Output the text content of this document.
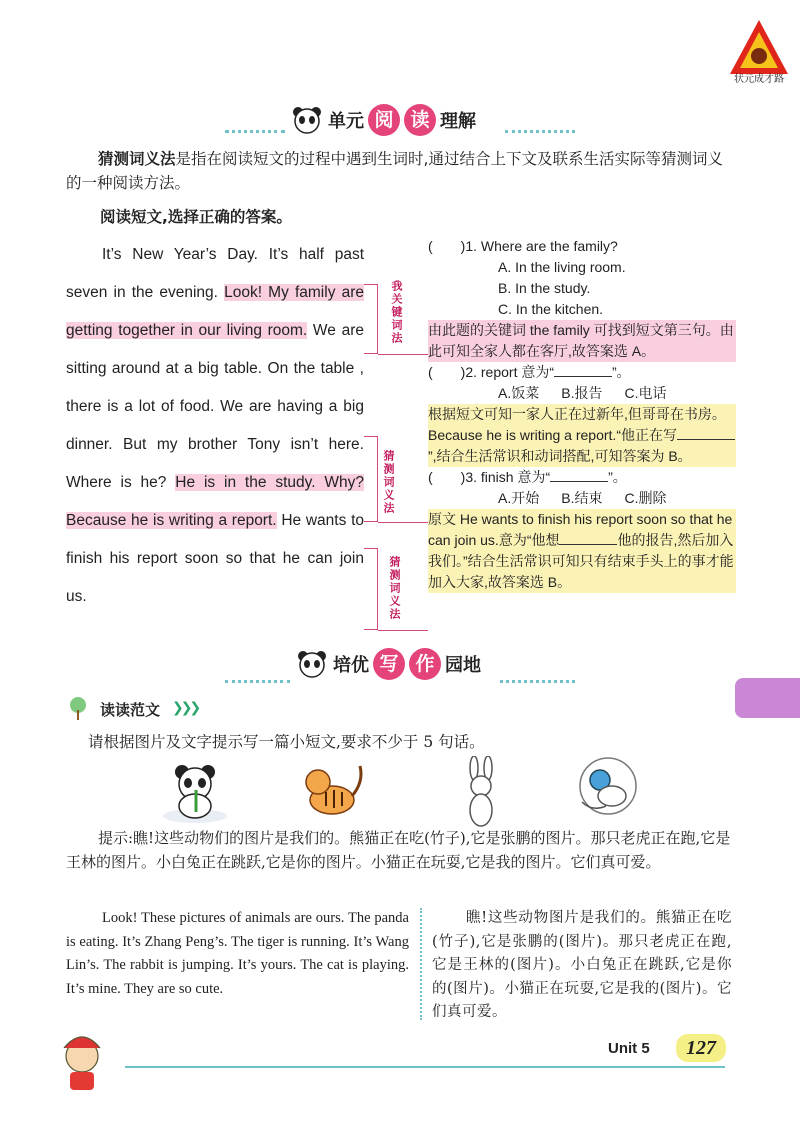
状元成才路
单元 阅 读 理解
猜测词义法是指在阅读短文的过程中遇到生词时,通过结合上下文及联系生活实际等猜测词义的一种阅读方法。
阅读短文,选择正确的答案。
It’s New Year’s Day. It’s half past seven in the evening. Look! My family are getting together in our living room. We are sitting around at a big table. On the table , there is a lot of food. We are having a big dinner. But my brother Tony isn’t here. Where is he? He is in the study. Why? Because he is writing a report. He wants to finish his report soon so that he can join us.
我关键词法
猜测词义法
猜测词义法
(　　)1. Where are the family?
A. In the living room.
B. In the study.
C. In the kitchen.
由此题的关键词 the family 可找到短文第三句。由此可知全家人都在客厅,故答案选 A。
(　　)2. report 意为“	”。
A.饭菜 B.报告 C.电话
根据短文可知一家人正在过新年,但哥哥在书房。Because he is writing a report.“他正在写”,结合生活常识和动词搭配,可知答案为 B。
(　　)3. finish 意为“	”。
A.开始 B.结束 C.删除
原文 He wants to finish his report soon so that he can join us.意为“他想	他的报告,然后加入我们。”结合生活常识可知只有结束手头上的事才能加入大家,故答案选 B。
培优 写 作 园地
读读范文 ❯❯❯
请根据图片及文字提示写一篇小短文,要求不少于 5 句话。
提示:瞧!这些动物们的图片是我们的。熊猫正在吃(竹子),它是张鹏的图片。那只老虎正在跑,它是王林的图片。小白兔正在跳跃,它是你的图片。小猫正在玩耍,它是我的图片。它们真可爱。
Look! These pictures of animals are ours. The panda is eating. It’s Zhang Peng’s. The tiger is running. It’s Wang Lin’s. The rabbit is jumping. It’s yours. The cat is playing. It’s mine. They are so cute.
瞧!这些动物图片是我们的。熊猫正在吃(竹子),它是张鹏的(图片)。那只老虎正在跑,它是王林的(图片)。小白兔正在跳跃,它是你的(图片)。小猫正在玩耍,它是我的(图片)。它们真可爱。
Unit 5	127
